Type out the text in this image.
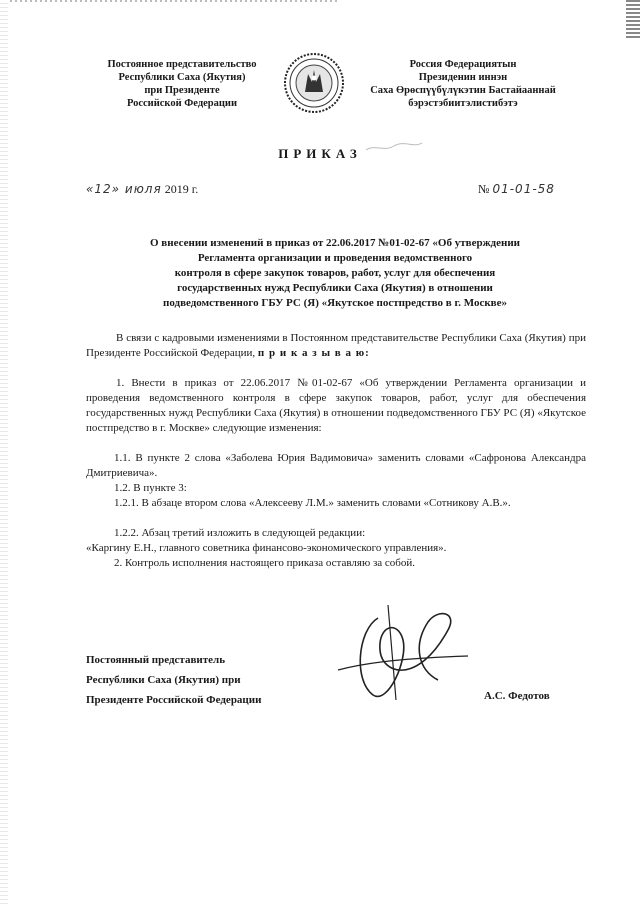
Постоянное представительство
Республики Саха (Якутия)
при Президенте
Российской Федерации
Россия Федерациятын
Президенин иннэн
Саха Өрөспүүбүлүкэтин Бастайааннай
бэрэстэбиитэлистибэтэ
ПРИКАЗ
«12» июля 2019 г.	№ 01-01-58
О внесении изменений в приказ от 22.06.2017 №01-02-67 «Об утверждении
Регламента организации и проведения ведомственного
контроля в сфере закупок товаров, работ, услуг для обеспечения
государственных нужд Республики Саха (Якутия) в отношении
подведомственного ГБУ РС (Я) «Якутское постпредство в г. Москве»
В связи с кадровыми изменениями в Постоянном представительстве Республики Саха (Якутия) при Президенте Российской Федерации, п р и к а з ы в а ю:
1. Внести в приказ от 22.06.2017 №01-02-67 «Об утверждении Регламента организации и проведения ведомственного контроля в сфере закупок товаров, работ, услуг для обеспечения государственных нужд Республики Саха (Якутия) в отношении подведомственного ГБУ РС (Я) «Якутское постпредство в г. Москве» следующие изменения:
1.1. В пункте 2 слова «Заболева Юрия Вадимовича» заменить словами «Сафронова Александра Дмитриевича».
1.2. В пункте 3:
1.2.1. В абзаце втором слова «Алексееву Л.М.» заменить словами «Сотникову А.В.».
1.2.2. Абзац третий изложить в следующей редакции:
«Каргину Е.Н., главного советника финансово-экономического управления».
2. Контроль исполнения настоящего приказа оставляю за собой.
Постоянный представитель
Республики Саха (Якутия) при
Президенте Российской Федерации	А.С. Федотов
